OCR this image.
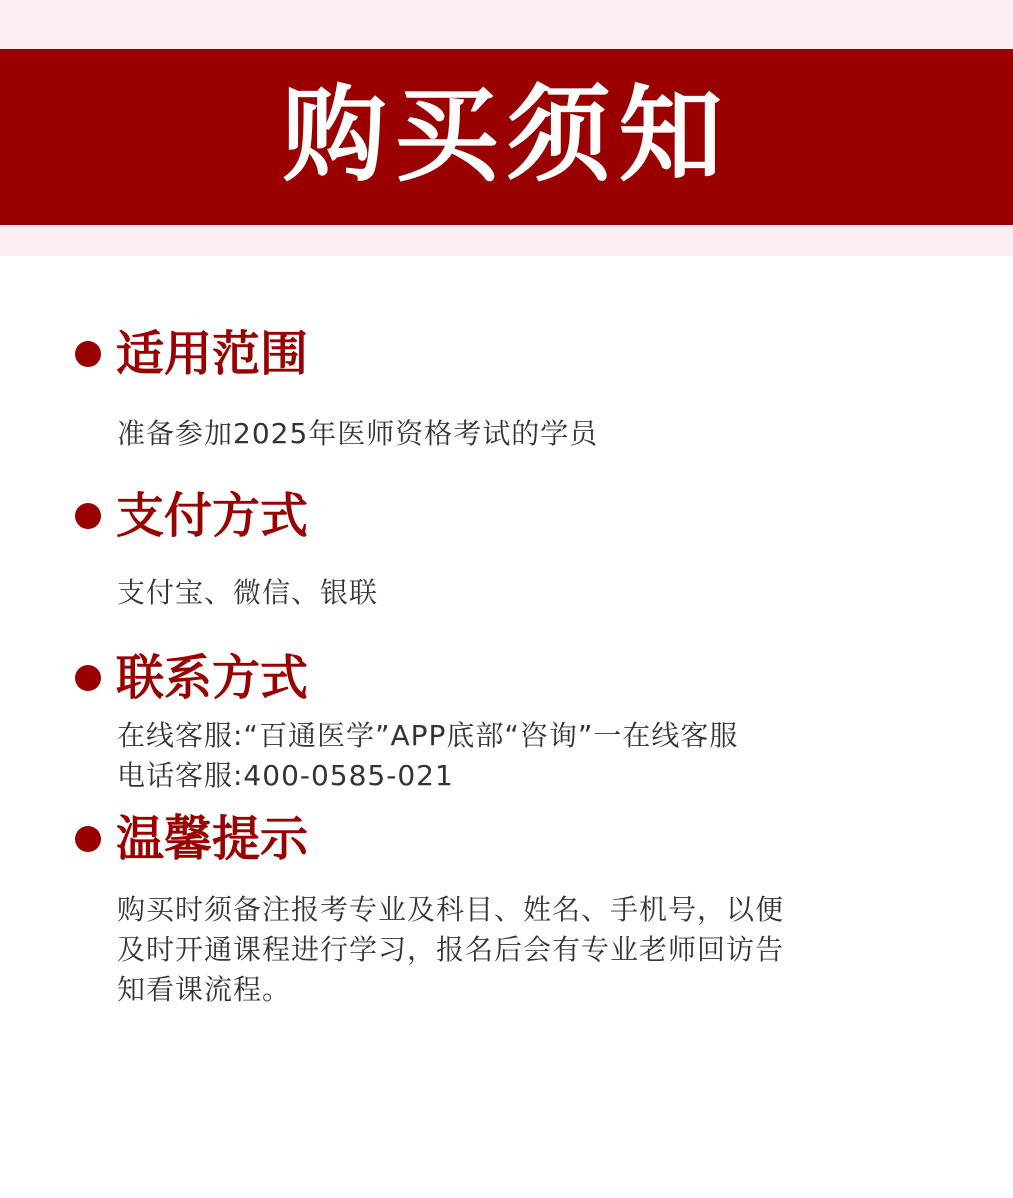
购买须知
适用范围
准备参加2025年医师资格考试的学员
支付方式
支付宝、微信、银联
联系方式
在线客服:“百通医学”APP底部“咨询”一在线客服
电话客服:400-0585-021
温馨提示
购买时须备注报考专业及科目、姓名、手机号，以便
及时开通课程进行学习，报名后会有专业老师回访告
知看课流程。
